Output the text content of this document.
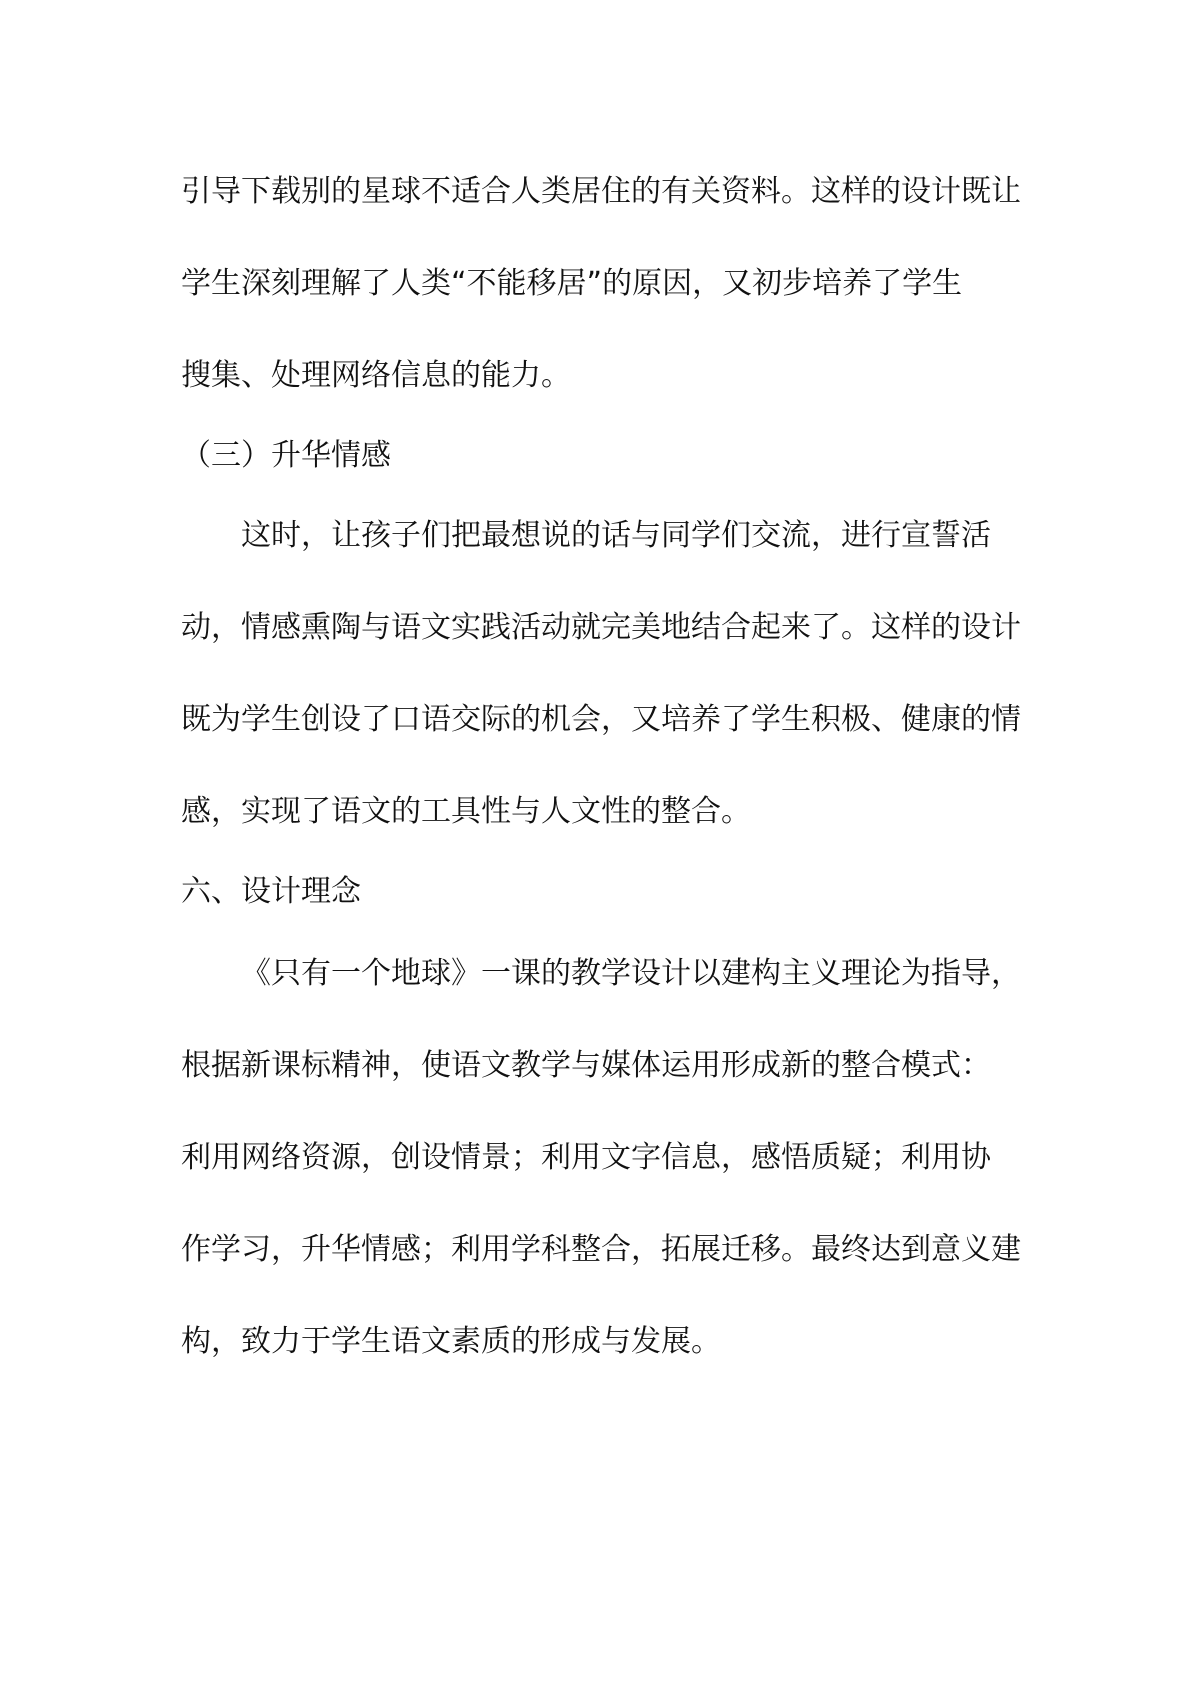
引导下载别的星球不适合人类居住的有关资料。这样的设计既让
学生深刻理解了人类“不能移居”的原因，又初步培养了学生
搜集、处理网络信息的能力。
（三）升华情感
这时，让孩子们把最想说的话与同学们交流，进行宣誓活
动，情感熏陶与语文实践活动就完美地结合起来了。这样的设计
既为学生创设了口语交际的机会，又培养了学生积极、健康的情
感，实现了语文的工具性与人文性的整合。
六、设计理念
《只有一个地球》一课的教学设计以建构主义理论为指导，
根据新课标精神，使语文教学与媒体运用形成新的整合模式：
利用网络资源，创设情景；利用文字信息，感悟质疑；利用协
作学习，升华情感；利用学科整合，拓展迁移。最终达到意义建
构，致力于学生语文素质的形成与发展。
